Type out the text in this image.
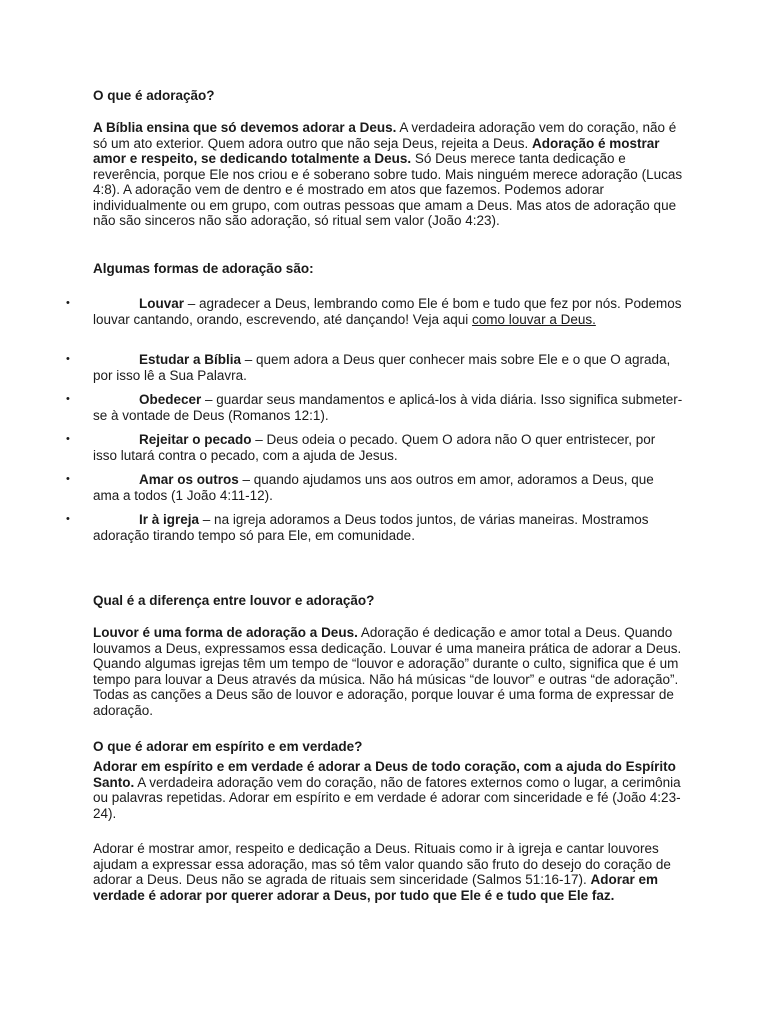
O que é adoração?

A Bíblia ensina que só devemos adorar a Deus. A verdadeira adoração vem do coração, não é só um ato exterior. Quem adora outro que não seja Deus, rejeita a Deus. Adoração é mostrar amor e respeito, se dedicando totalmente a Deus. Só Deus merece tanta dedicação e reverência, porque Ele nos criou e é soberano sobre tudo. Mais ninguém merece adoração (Lucas 4:8). A adoração vem de dentro e é mostrado em atos que fazemos. Podemos adorar individualmente ou em grupo, com outras pessoas que amam a Deus. Mas atos de adoração que não são sinceros não são adoração, só ritual sem valor (João 4:23).

Algumas formas de adoração são:
•	Louvar – agradecer a Deus, lembrando como Ele é bom e tudo que fez por nós. Podemos louvar cantando, orando, escrevendo, até dançando! Veja aqui como louvar a Deus.
•	Estudar a Bíblia – quem adora a Deus quer conhecer mais sobre Ele e o que O agrada, por isso lê a Sua Palavra.
•	Obedecer – guardar seus mandamentos e aplicá-los à vida diária. Isso significa submeter-se à vontade de Deus (Romanos 12:1).
•	Rejeitar o pecado – Deus odeia o pecado. Quem O adora não O quer entristecer, por isso lutará contra o pecado, com a ajuda de Jesus.
•	Amar os outros – quando ajudamos uns aos outros em amor, adoramos a Deus, que ama a todos (1 João 4:11-12).
•	Ir à igreja – na igreja adoramos a Deus todos juntos, de várias maneiras. Mostramos adoração tirando tempo só para Ele, em comunidade.
Qual é a diferença entre louvor e adoração?

Louvor é uma forma de adoração a Deus. Adoração é dedicação e amor total a Deus. Quando louvamos a Deus, expressamos essa dedicação. Louvar é uma maneira prática de adorar a Deus. Quando algumas igrejas têm um tempo de “louvor e adoração” durante o culto, significa que é um tempo para louvar a Deus através da música. Não há músicas “de louvor” e outras “de adoração”. Todas as canções a Deus são de louvor e adoração, porque louvar é uma forma de expressar de adoração.

O que é adorar em espírito e em verdade?

Adorar em espírito e em verdade é adorar a Deus de todo coração, com a ajuda do Espírito Santo. A verdadeira adoração vem do coração, não de fatores externos como o lugar, a cerimônia ou palavras repetidas. Adorar em espírito e em verdade é adorar com sinceridade e fé (João 4:23-24).

Adorar é mostrar amor, respeito e dedicação a Deus. Rituais como ir à igreja e cantar louvores ajudam a expressar essa adoração, mas só têm valor quando são fruto do desejo do coração de adorar a Deus. Deus não se agrada de rituais sem sinceridade (Salmos 51:16-17). Adorar em verdade é adorar por querer adorar a Deus, por tudo que Ele é e tudo que Ele faz.
